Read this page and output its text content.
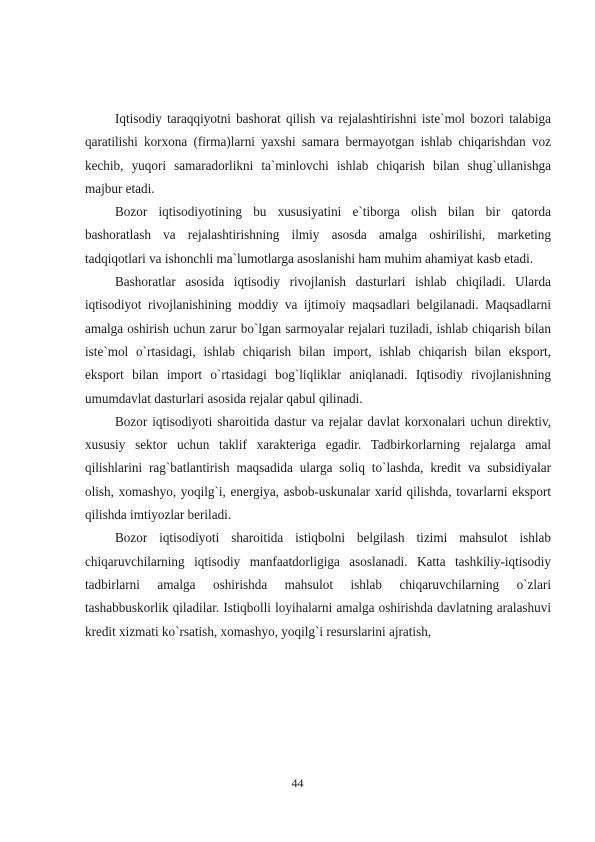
Iqtisodiy taraqqiyotni bashorat qilish va rejalashtirishni iste`mol bozori talabiga qaratilishi korxona (firma)larni yaxshi samara bermayotgan ishlab chiqarishdan voz kechib, yuqori samaradorlikni ta`minlovchi ishlab chiqarish bilan shug`ullanishga majbur etadi.

Bozor iqtisodiyotining bu xususiyatini e`tiborga olish bilan bir qatorda bashoratlash va rejalashtirishning ilmiy asosda amalga oshirilishi, marketing tadqiqotlari va ishonchli ma`lumotlarga asoslanishi ham muhim ahamiyat kasb etadi.

Bashoratlar asosida iqtisodiy rivojlanish dasturlari ishlab chiqiladi. Ularda iqtisodiyot rivojlanishining moddiy va ijtimoiy maqsadlari belgilanadi. Maqsadlarni amalga oshirish uchun zarur bo`lgan sarmoyalar rejalari tuziladi, ishlab chiqarish bilan iste`mol o`rtasidagi, ishlab chiqarish bilan import, ishlab chiqarish bilan eksport, eksport bilan import o`rtasidagi bog`liqliklar aniqlanadi. Iqtisodiy rivojlanishning umumdavlat dasturlari asosida rejalar qabul qilinadi.

Bozor iqtisodiyoti sharoitida dastur va rejalar davlat korxonalari uchun direktiv, xususiy sektor uchun taklif xarakteriga egadir. Tadbirkorlarning rejalarga amal qilishlarini rag`batlantirish maqsadida ularga soliq to`lashda, kredit va subsidiyalar olish, xomashyo, yoqilg`i, energiya, asbob-uskunalar xarid qilishda, tovarlarni eksport qilishda imtiyozlar beriladi.

Bozor iqtisodiyoti sharoitida istiqbolni belgilash tizimi mahsulot ishlab chiqaruvchilarning iqtisodiy manfaatdorligiga asoslanadi. Katta tashkiliy-iqtisodiy tadbirlarni amalga oshirishda mahsulot ishlab chiqaruvchilarning o`zlari tashabbuskorlik qiladilar. Istiqbolli loyihalarni amalga oshirishda davlatning aralashuvi kredit xizmati ko`rsatish, xomashyo, yoqilg`i resurslarini ajratish,

44
